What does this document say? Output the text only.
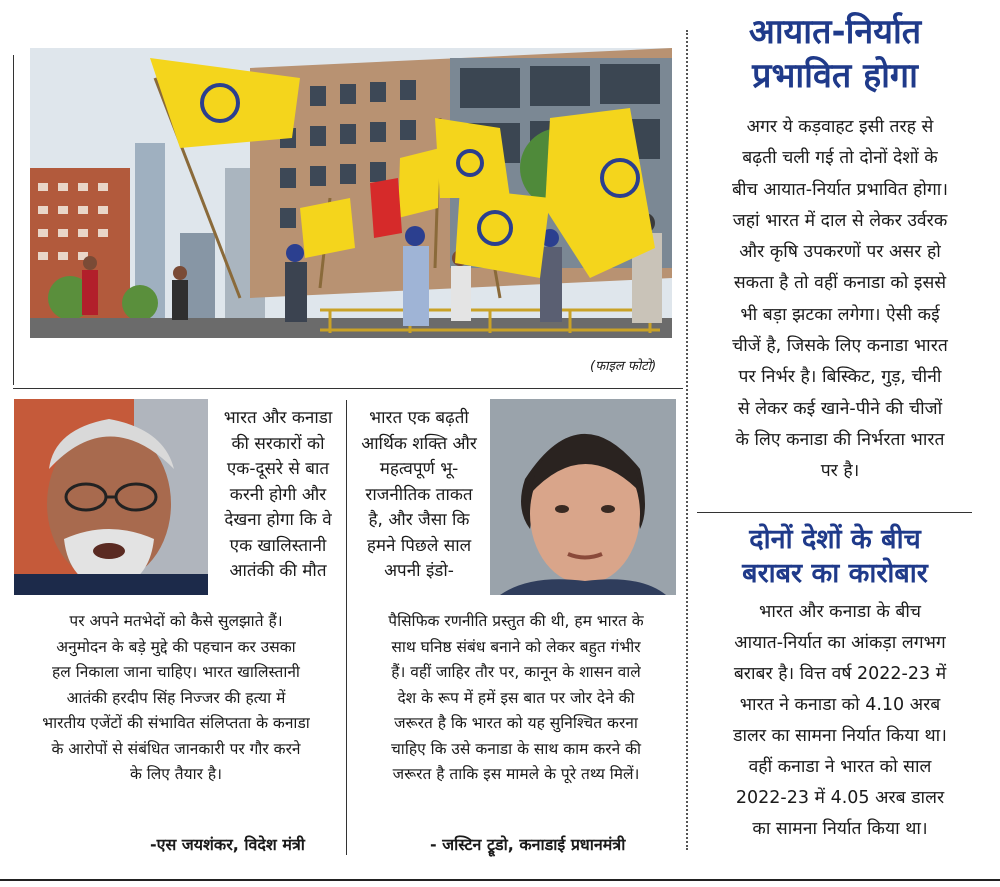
(फाइल फोटो)
भारत और कनाडा
की सरकारों को
एक-दूसरे से बात
करनी होगी और
देखना होगा कि वे
एक खालिस्तानी
आतंकी की मौत
पर अपने मतभेदों को कैसे सुलझाते हैं।
अनुमोदन के बड़े मुद्दे की पहचान कर उसका
हल निकाला जाना चाहिए। भारत खालिस्तानी
आतंकी हरदीप सिंह निज्जर की हत्या में
भारतीय एजेंटों की संभावित संलिप्तता के कनाडा
के आरोपों से संबंधित जानकारी पर गौर करने
के लिए तैयार है।
-एस जयशंकर, विदेश मंत्री
भारत एक बढ़ती
आर्थिक शक्ति और
महत्वपूर्ण भू-
राजनीतिक ताकत
है, और जैसा कि
हमने पिछले साल
अपनी इंडो-
पैसिफिक रणनीति प्रस्तुत की थी, हम भारत के
साथ घनिष्ठ संबंध बनाने को लेकर बहुत गंभीर
हैं। वहीं जाहिर तौर पर, कानून के शासन वाले
देश के रूप में हमें इस बात पर जोर देने की
जरूरत है कि भारत को यह सुनिश्चित करना
चाहिए कि उसे कनाडा के साथ काम करने की
जरूरत है ताकि इस मामले के पूरे तथ्य मिलें।
- जस्टिन ट्रूडो, कनाडाई प्रधानमंत्री
आयात-निर्यात
प्रभावित होगा
अगर ये कड़वाहट इसी तरह से
बढ़ती चली गई तो दोनों देशों के
बीच आयात-निर्यात प्रभावित होगा।
जहां भारत में दाल से लेकर उर्वरक
और कृषि उपकरणों पर असर हो
सकता है तो वहीं कनाडा को इससे
भी बड़ा झटका लगेगा। ऐसी कई
चीजें है, जिसके लिए कनाडा भारत
पर निर्भर है। बिस्किट, गुड़, चीनी
से लेकर कई खाने-पीने की चीजों
के लिए कनाडा की निर्भरता भारत
पर है।
दोनों देशों के बीच
बराबर का कारोबार
भारत और कनाडा के बीच
आयात-निर्यात का आंकड़ा लगभग
बराबर है। वित्त वर्ष 2022-23 में
भारत ने कनाडा को 4.10 अरब
डालर का सामना निर्यात किया था।
वहीं कनाडा ने भारत को साल
2022-23 में 4.05 अरब डालर
का सामना निर्यात किया था।
